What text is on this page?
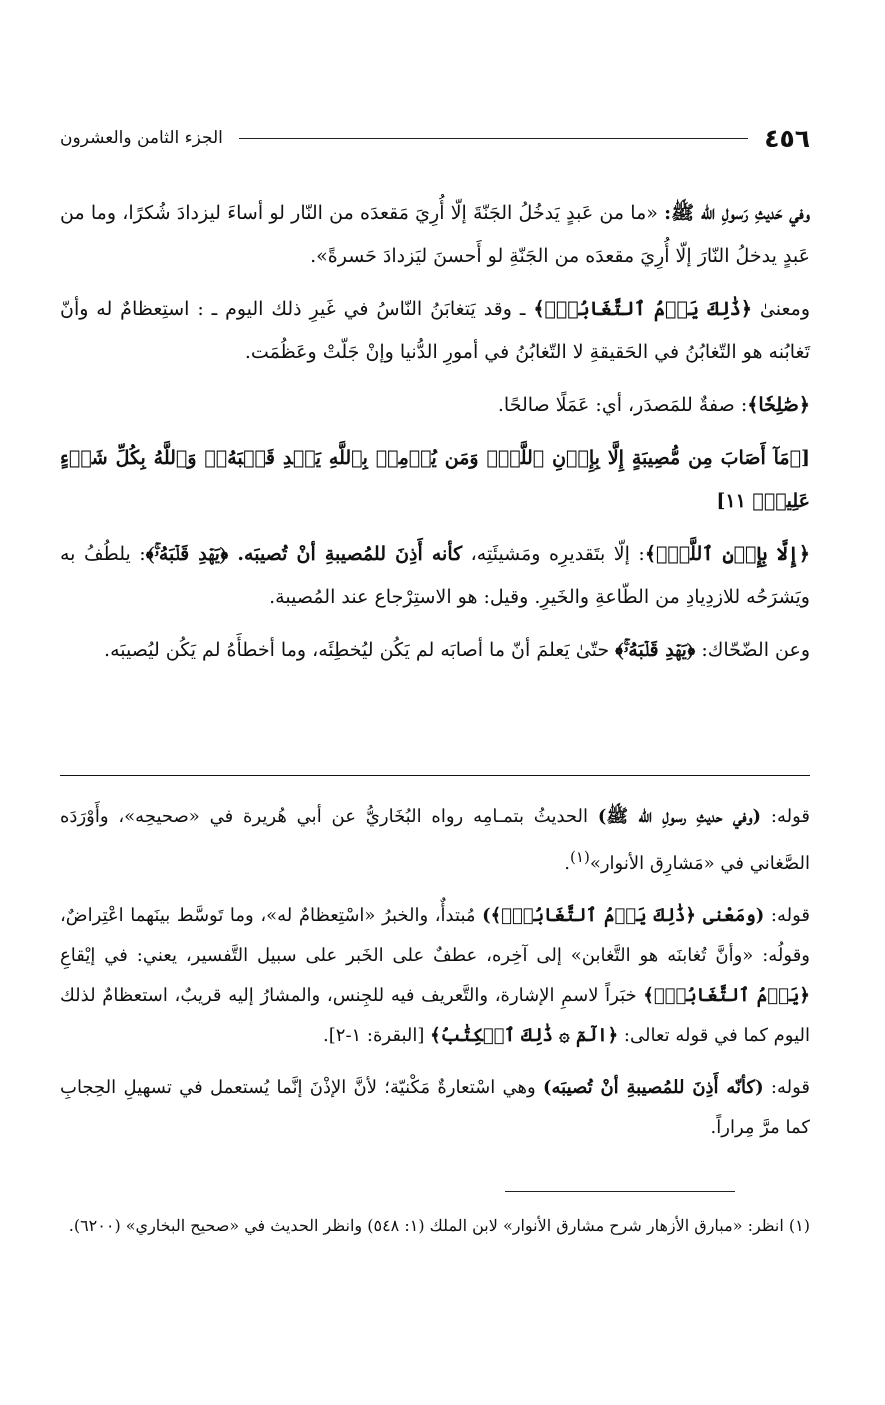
٤٥٦
الجزء الثامن والعشرون

وفي حَديثِ رَسولِ الله ﷺ: «ما من عَبدٍ يَدخُلُ الجَنّةَ إلّا أُرِيَ مَقعدَه من النّار لو أساءَ ليزدادَ شُكرًا، وما من عَبدٍ يدخلُ النّارَ إلّا أُرِيَ مقعدَه من الجَنّةِ لو أَحسنَ ليَزدادَ حَسرةً».

ومعنىٰ ﴿ذَٰلِكَ يَوۡمُ ٱلتَّغَابُنِۗ﴾ ـ وقد يَتغابَنُ النّاسُ في غَيرِ ذلك اليوم ـ : استِعظامٌ له وأنّ تَغابُنه هو التّغابُنُ في الحَقيقةِ لا التّغابُنُ في أمورِ الدُّنيا وإنْ جَلّتْ وعَظُمَت.

﴿صَٰلِحٗا﴾: صفةٌ للمَصدَر، أي: عَمَلًا صالحًا.

[﴿مَآ أَصَابَ مِن مُّصِيبَةٍ إِلَّا بِإِذۡنِ ٱللَّهِۗ وَمَن يُؤۡمِنۢ بِٱللَّهِ يَهۡدِ قَلۡبَهُۥۚ وَٱللَّهُ بِكُلِّ شَيۡءٍ عَلِيمٞ﴾ ١١]

﴿إِلَّا بِإِذۡنِ ٱللَّهِۗ﴾: إلّا بتَقديرِه ومَشيئَتِه، كأنه أَذِنَ للمُصيبةِ أنْ تُصيبَه. ﴿يَهۡدِ قَلۡبَهُۥۚ﴾: يلطُفُ به ويَشرَحُه للازدِيادِ من الطّاعةِ والخَيرِ. وقيل: هو الاستِرْجاع عند المُصيبة.

وعن الضّحّاك: ﴿يَهۡدِ قَلۡبَهُۥۚ﴾ حتّىٰ يَعلمَ أنّ ما أصابَه لم يَكُن ليُخطِئَه، وما أخطأَهُ لم يَكُن ليُصيبَه.

قوله: (وفي حديثِ رسولِ الله ﷺ) الحديثُ بتمـامِه رواه البُخَاريُّ عن أبي هُريرة في «صحيحِه»، وأَوْرَدَه الصَّغاني في «مَشارِق الأنوار»$^{(١)}$.

قوله: (ومَعْنى ﴿ذَٰلِكَ يَوۡمُ ٱلتَّغَابُنِۗ﴾) مُبتدأٌ، والخبرُ «اسْتِعظامٌ له»، وما تَوسَّط بينَهما اعْتِراضٌ، وقولُه: «وأنَّ تُغابنَه هو التَّغابن» إلى آخِره، عطفٌ على الخَبر على سبيل التَّفسير، يعني: في إيْقاعِ ﴿يَوۡمُ ٱلتَّغَابُنِۗ﴾ خبَراً لاسمِ الإشارة، والتَّعريف فيه للجِنس، والمشارُ إليه قريبٌ، استعظامٌ لذلك اليوم كما في قوله تعالى: ﴿الٓمٓ ۞ ذَٰلِكَ ٱلۡكِتَٰبُ﴾ [البقرة: ١-٢].

قوله: (كأنّه أَذِنَ للمُصيبةِ أنْ تُصيبَه) وهي اسْتعارةٌ مَكْنيّة؛ لأنَّ الإذْنَ إنَّما يُستعمل في تسهيلِ الحِجابِ كما مرَّ مِراراً.

(١) انظر: «مبارق الأزهار شرح مشارق الأنوار» لابن الملك (١: ٥٤٨) وانظر الحديث في «صحيح البخاري» (٦٢٠٠).
